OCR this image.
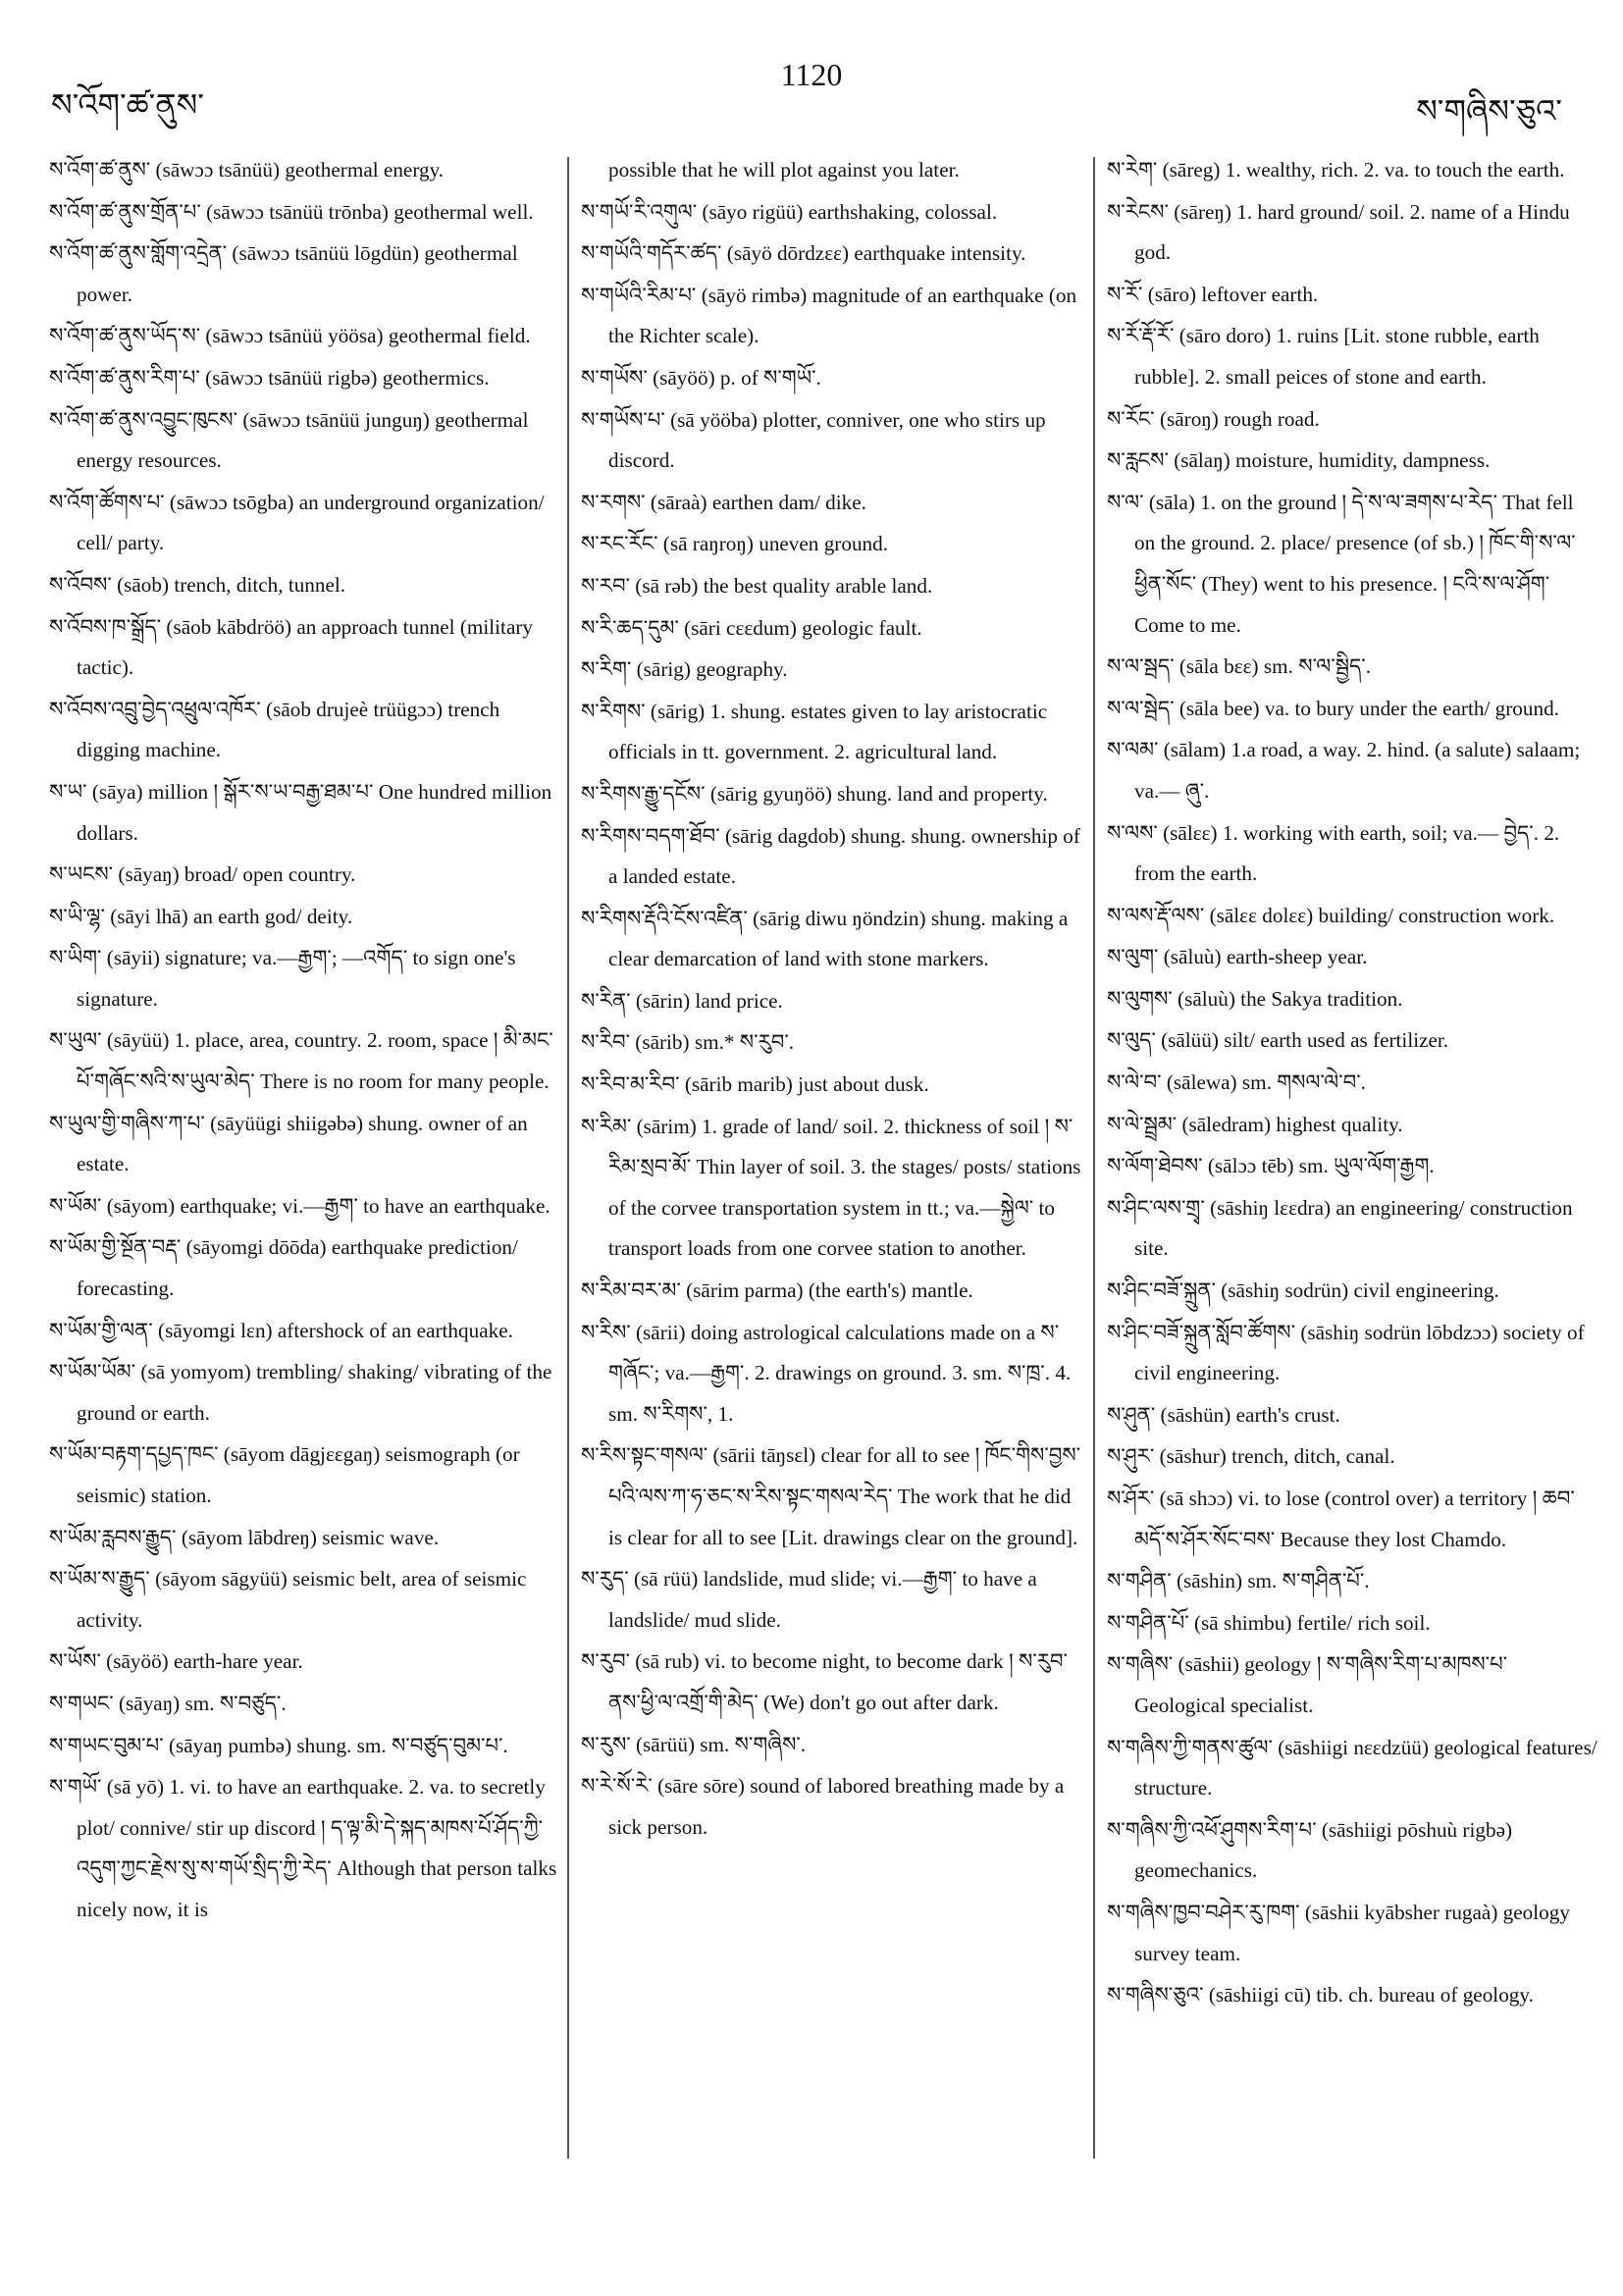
ས་འོག་ཚ་ནུས་
1120
ས་གཞིས་ཅུའ་

ས་འོག་ཚ་ནུས་ (sāwɔɔ tsānüü) geothermal energy.

ས་འོག་ཚ་ནུས་གྲོན་པ་ (sāwɔɔ tsānüü trōnba) geothermal well.

ས་འོག་ཚ་ནུས་གློག་འདྲེན་ (sāwɔɔ tsānüü lōgdün) geothermal power.

ས་འོག་ཚ་ནུས་ཡོད་ས་ (sāwɔɔ tsānüü yöösa) geothermal field.

ས་འོག་ཚ་ནུས་རིག་པ་ (sāwɔɔ tsānüü rigbə) geothermics.

ས་འོག་ཚ་ནུས་འབྱུང་ཁུངས་ (sāwɔɔ tsānüü junguŋ) geothermal energy resources.

ས་འོག་ཚོགས་པ་ (sāwɔɔ tsōgba) an underground organization/ cell/ party.

ས་འོབས་ (sāob) trench, ditch, tunnel.

ས་འོབས་ཁ་སྒྲོད་ (sāob kābdröö) an approach tunnel (military tactic).

ས་འོབས་འབྲུ་བྱེད་འཕྲུལ་འཁོར་ (sāob drujeè trüügɔɔ) trench digging machine.

ས་ཡ་ (sāya) million ། སྒོར་ས་ཡ་བརྒྱ་ཐམ་པ་ One hundred million dollars.

ས་ཡངས་ (sāyaŋ) broad/ open country.

ས་ཡི་ལྷ་ (sāyi lhā) an earth god/ deity.

ས་ཡིག་ (sāyii) signature; va.—རྒྱག་; —འགོད་ to sign one's signature.

ས་ཡུལ་ (sāyüü) 1. place, area, country. 2. room, space ། མི་མང་པོ་གཞོང་སའི་ས་ཡུལ་མེད་ There is no room for many people.

ས་ཡུལ་གྱི་གཞིས་ཀ་པ་ (sāyüügi shiigəbə) shung. owner of an estate.

ས་ཡོམ་ (sāyom) earthquake; vi.—རྒྱག་ to have an earthquake.

ས་ཡོམ་གྱི་སྔོན་བརྡ་ (sāyomgi dōōda) earthquake prediction/ forecasting.

ས་ཡོམ་གྱི་ལན་ (sāyomgi lɛn) aftershock of an earthquake.

ས་ཡོམ་ཡོམ་ (sā yomyom) trembling/ shaking/ vibrating of the ground or earth.

ས་ཡོམ་བརྟག་དཔྱད་ཁང་ (sāyom dāgjɛɛgaŋ) seismograph (or seismic) station.

ས་ཡོམ་རླབས་རྒྱུད་ (sāyom lābdreŋ) seismic wave.

ས་ཡོམ་ས་རྒྱུད་ (sāyom sāgyüü) seismic belt, area of seismic activity.

ས་ཡོས་ (sāyöö) earth-hare year.

ས་གཡང་ (sāyaŋ) sm. ས་བཙུད་.

ས་གཡང་བུམ་པ་ (sāyaŋ pumbə) shung. sm. ས་བཙུད་བུམ་པ་.

ས་གཡོ་ (sā yō) 1. vi. to have an earthquake. 2. va. to secretly plot/ connive/ stir up discord ། ད་ལྟ་མི་དེ་སྐད་མཁས་པོ་ཤོད་ཀྱི་འདུག་ཀྱང་རྗེས་སུ་ས་གཡོ་སྲིད་ཀྱི་རེད་ Although that person talks nicely now, it is

possible that he will plot against you later.

ས་གཡོ་རི་འགུལ་ (sāyo rigüü) earthshaking, colossal.

ས་གཡོའི་གདོར་ཚད་ (sāyö dōrdzɛɛ) earthquake intensity.

ས་གཡོའི་རིམ་པ་ (sāyö rimbə) magnitude of an earthquake (on the Richter scale).

ས་གཡོས་ (sāyöö) p. of ས་གཡོ་.

ས་གཡོས་པ་ (sā yööba) plotter, conniver, one who stirs up discord.

ས་རགས་ (sāraà) earthen dam/ dike.

ས་རང་རོང་ (sā raŋroŋ) uneven ground.

ས་རབ་ (sā rəb) the best quality arable land.

ས་རི་ཆད་དུམ་ (sāri cɛɛdum) geologic fault.

ས་རིག་ (sārig) geography.

ས་རིགས་ (sārig) 1. shung. estates given to lay aristocratic officials in tt. government. 2. agricultural land.

ས་རིགས་རྒྱུ་དངོས་ (sārig gyuŋöö) shung. land and property.

ས་རིགས་བདག་ཐོབ་ (sārig dagdob) shung. shung. ownership of a landed estate.

ས་རིགས་རྡོའི་ངོས་འཛིན་ (sārig diwu ŋöndzin) shung. making a clear demarcation of land with stone markers.

ས་རིན་ (sārin) land price.

ས་རིབ་ (sārib) sm.* ས་རུབ་.

ས་རིབ་མ་རིབ་ (sārib marib) just about dusk.

ས་རིམ་ (sārim) 1. grade of land/ soil. 2. thickness of soil ། ས་རིམ་སྲབ་མོ་ Thin layer of soil. 3. the stages/ posts/ stations of the corvee transportation system in tt.; va.—སྐྱེལ་ to transport loads from one corvee station to another.

ས་རིམ་བར་མ་ (sārim parma) (the earth's) mantle.

ས་རིས་ (sārii) doing astrological calculations made on a ས་གཞོང་; va.—རྒྱག་. 2. drawings on ground. 3. sm. ས་ཁྲ་. 4. sm. ས་རིགས་, 1.

ས་རིས་སྟང་གསལ་ (sārii tāŋsɛl) clear for all to see ། ཁོང་གིས་བྱས་པའི་ལས་ཀ་ཧ་ཅང་ས་རིས་སྟང་གསལ་རེད་ The work that he did is clear for all to see [Lit. drawings clear on the ground].

ས་རུད་ (sā rüü) landslide, mud slide; vi.—རྒྱག་ to have a landslide/ mud slide.

ས་རུབ་ (sā rub) vi. to become night, to become dark ། ས་རུབ་ནས་ཕྱི་ལ་འགྲོ་གི་མེད་ (We) don't go out after dark.

ས་རུས་ (sārüü) sm. ས་གཞིས་.

ས་རེ་སོ་རེ་ (sāre sōre) sound of labored breathing made by a sick person.

ས་རེག་ (sāreg) 1. wealthy, rich. 2. va. to touch the earth.

ས་རེངས་ (sāreŋ) 1. hard ground/ soil. 2. name of a Hindu god.

ས་རོ་ (sāro) leftover earth.

ས་རོ་རྡོ་རོ་ (sāro doro) 1. ruins [Lit. stone rubble, earth rubble]. 2. small peices of stone and earth.

ས་རོང་ (sāroŋ) rough road.

ས་རླངས་ (sālaŋ) moisture, humidity, dampness.

ས་ལ་ (sāla) 1. on the ground ། དེ་ས་ལ་ཟགས་པ་རེད་ That fell on the ground. 2. place/ presence (of sb.) ། ཁོང་གི་ས་ལ་ཕྱིན་སོང་ (They) went to his presence. ། ངའི་ས་ལ་ཤོག་ Come to me.

ས་ལ་སྦད་ (sāla bɛɛ) sm. ས་ལ་སྦྱིད་.

ས་ལ་སྦེད་ (sāla bee) va. to bury under the earth/ ground.

ས་ལམ་ (sālam) 1.a road, a way. 2. hind. (a salute) salaam; va.— ཞུ་.

ས་ལས་ (sālɛɛ) 1. working with earth, soil; va.— བྱེད་. 2. from the earth.

ས་ལས་རྡོ་ལས་ (sālɛɛ dolɛɛ) building/ construction work.

ས་ལུག་ (sāluù) earth-sheep year.

ས་ལུགས་ (sāluù) the Sakya tradition.

ས་ལུད་ (sālüü) silt/ earth used as fertilizer.

ས་ལེ་བ་ (sālewa) sm. གསལ་ལེ་བ་.

ས་ལེ་སྦྲམ་ (sāledram) highest quality.

ས་ལོག་ཐེབས་ (sālɔɔ tēb) sm. ཡུལ་ལོག་རྒྱག.

ས་ཤིང་ལས་གྲྭ་ (sāshiŋ lɛɛdra) an engineering/ construction site.

ས་ཤིང་བཟོ་སྐྲུན་ (sāshiŋ sodrün) civil engineering.

ས་ཤིང་བཟོ་སྐྲུན་སློབ་ཚོགས་ (sāshiŋ sodrün lōbdzɔɔ) society of civil engineering.

ས་ཤུན་ (sāshün) earth's crust.

ས་ཤུར་ (sāshur) trench, ditch, canal.

ས་ཤོར་ (sā shɔɔ) vi. to lose (control over) a territory ། ཆབ་མདོ་ས་ཤོར་སོང་བས་ Because they lost Chamdo.

ས་གཤིན་ (sāshin) sm. ས་གཤིན་པོ་.

ས་གཤིན་པོ་ (sā shimbu) fertile/ rich soil.

ས་གཞིས་ (sāshii) geology ། ས་གཞིས་རིག་པ་མཁས་པ་ Geological specialist.

ས་གཞིས་ཀྱི་གནས་ཚུལ་ (sāshiigi nɛɛdzüü) geological features/ structure.

ས་གཞིས་ཀྱི་འཕོ་ཤུགས་རིག་པ་ (sāshiigi pōshuù rigbə) geomechanics.

ས་གཞིས་ཁྱབ་བཤེར་རུ་ཁག་ (sāshii kyābsher rugaà) geology survey team.

ས་གཞིས་ཅུའ་ (sāshiigi cū) tib. ch. bureau of geology.
